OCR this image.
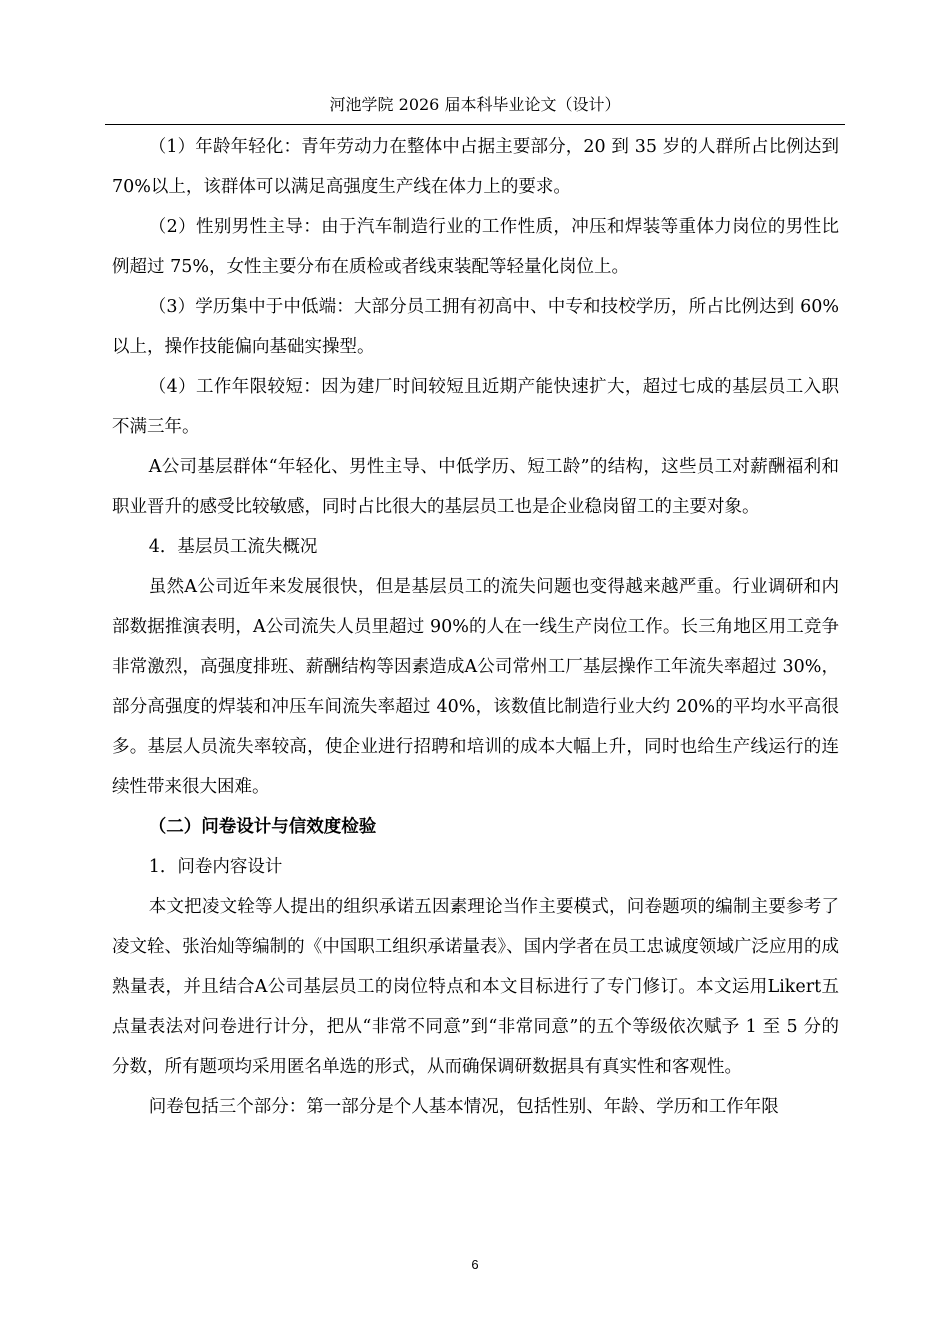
河池学院 2026 届本科毕业论文（设计）

（1）年龄年轻化：青年劳动力在整体中占据主要部分，20 到 35 岁的人群所占比例达到 70%以上，该群体可以满足高强度生产线在体力上的要求。

（2）性别男性主导：由于汽车制造行业的工作性质，冲压和焊装等重体力岗位的男性比例超过 75%，女性主要分布在质检或者线束装配等轻量化岗位上。

（3）学历集中于中低端：大部分员工拥有初高中、中专和技校学历，所占比例达到 60%以上，操作技能偏向基础实操型。

（4）工作年限较短：因为建厂时间较短且近期产能快速扩大，超过七成的基层员工入职不满三年。

A公司基层群体“年轻化、男性主导、中低学历、短工龄”的结构，这些员工对薪酬福利和职业晋升的感受比较敏感，同时占比很大的基层员工也是企业稳岗留工的主要对象。

4．基层员工流失概况

虽然A公司近年来发展很快，但是基层员工的流失问题也变得越来越严重。行业调研和内部数据推演表明，A公司流失人员里超过 90%的人在一线生产岗位工作。长三角地区用工竞争非常激烈，高强度排班、薪酬结构等因素造成A公司常州工厂基层操作工年流失率超过 30%，部分高强度的焊装和冲压车间流失率超过 40%，该数值比制造行业大约 20%的平均水平高很多。基层人员流失率较高，使企业进行招聘和培训的成本大幅上升，同时也给生产线运行的连续性带来很大困难。

（二）问卷设计与信效度检验

1．问卷内容设计

本文把凌文辁等人提出的组织承诺五因素理论当作主要模式，问卷题项的编制主要参考了凌文辁、张治灿等编制的《中国职工组织承诺量表》、国内学者在员工忠诚度领域广泛应用的成熟量表，并且结合A公司基层员工的岗位特点和本文目标进行了专门修订。本文运用Likert五点量表法对问卷进行计分，把从“非常不同意”到“非常同意”的五个等级依次赋予 1 至 5 分的分数，所有题项均采用匿名单选的形式，从而确保调研数据具有真实性和客观性。

问卷包括三个部分：第一部分是个人基本情况，包括性别、年龄、学历和工作年限

6
